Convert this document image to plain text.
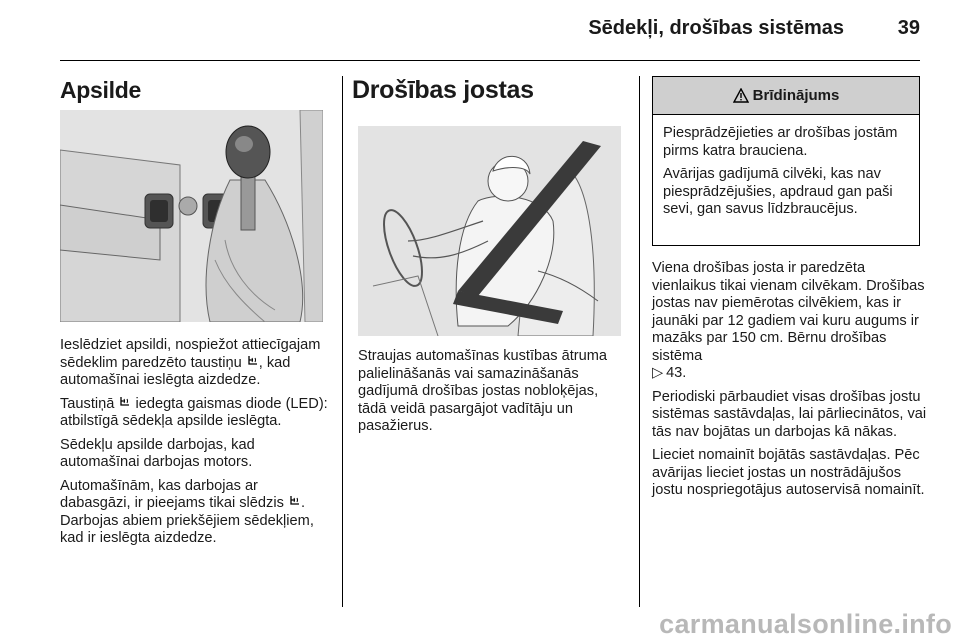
Sēdekļi, drošības sistēmas	39
Apsilde

Ieslēdziet apsildi, nospiežot attiecīgajam sēdeklim paredzēto taustiņu , kad automašīnai ieslēgta aizdedze.

Taustiņā  iedegta gaismas diode (LED): atbilstīgā sēdekļa apsilde ieslēgta.

Sēdekļu apsilde darbojas, kad automašīnai darbojas motors.

Automašīnām, kas darbojas ar dabasgāzi, ir pieejams tikai slēdzis . Darbojas abiem priekšējiem sēdekļiem, kad ir ieslēgta aizdedze.

Drošības jostas
Straujas automašīnas kustības ātruma palielināšanās vai samazināšanās gadījumā drošības jostas nobloķējas, tādā veidā pasargājot vadītāju un pasažierus.
Brīdinājums

Piesprādzējieties ar drošības jostām pirms katra brauciena.

Avārijas gadījumā cilvēki, kas nav piesprādzējušies, apdraud gan paši sevi, gan savus līdzbraucējus.

Viena drošības josta ir paredzēta vienlaikus tikai vienam cilvēkam. Drošības jostas nav piemērotas cilvēkiem, kas ir jaunāki par 12 gadiem vai kuru augums ir mazāks par 150 cm. Bērnu drošības sistēma
▷ 43.

Periodiski pārbaudiet visas drošības jostu sistēmas sastāvdaļas, lai pārliecinātos, vai tās nav bojātas un darbojas kā nākas.

Lieciet nomainīt bojātās sastāvdaļas. Pēc avārijas lieciet jostas un nostrādājušos jostu nospriegotājus autoservisā nomainīt.

carmanualsonline.info
